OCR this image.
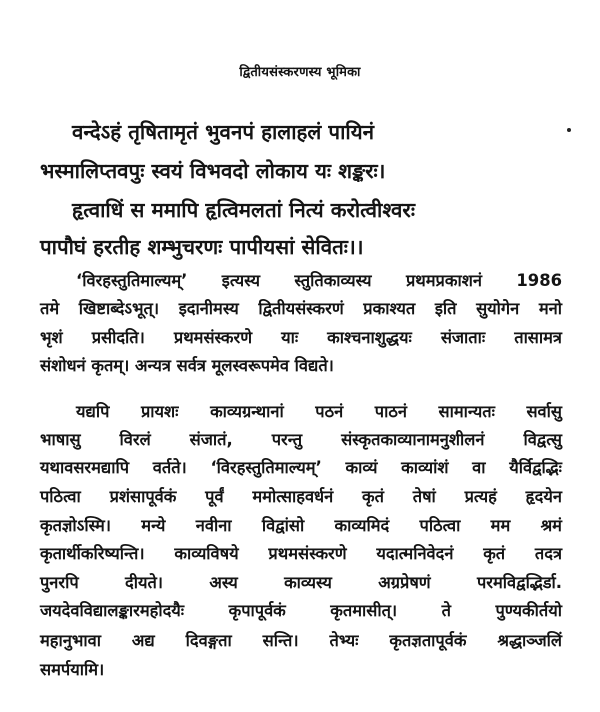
द्वितीयसंस्करणस्य भूमिका
वन्देऽहं तृषितामृतं भुवनपं हालाहलं पायिनं
भस्मालिप्तवपुः स्वयं विभवदो लोकाय यः शङ्करः।
हृत्वाधिं स ममापि हृत्विमलतां नित्यं करोत्वीश्वरः
पापौघं हरतीह शम्भुचरणः पापीयसां सेवितः।।
‘विरहस्तुतिमाल्यम्’ इत्यस्य स्तुतिकाव्यस्य प्रथमप्रकाशनं 1986
तमे खिष्टाब्देऽभूत्। इदानीमस्य द्वितीयसंस्करणं प्रकाश्यत इति सुयोगेन मनो
भृशं प्रसीदति। प्रथमसंस्करणे याः काश्चनाशुद्धयः संजाताः तासामत्र
संशोधनं कृतम्। अन्यत्र सर्वत्र मूलस्वरूपमेव विद्यते।
यद्यपि प्रायशः काव्यग्रन्थानां पठनं पाठनं सामान्यतः सर्वासु
भाषासु विरलं संजातं, परन्तु संस्कृतकाव्यानामनुशीलनं विद्वत्सु
यथावसरमद्यापि वर्तते। ‘विरहस्तुतिमाल्यम्’ काव्यं काव्यांशं वा यैर्विद्वद्भिः
पठित्वा प्रशंसापूर्वकं पूर्वं ममोत्साहवर्धनं कृतं तेषां प्रत्यहं हृदयेन
कृतज्ञोऽस्मि। मन्ये नवीना विद्वांसो काव्यमिदं पठित्वा मम श्रमं
कृतार्थीकरिष्यन्ति। काव्यविषये प्रथमसंस्करणे यदात्मनिवेदनं कृतं तदत्र
पुनरपि दीयते। अस्य काव्यस्य अग्रप्रेषणं परमविद्वद्भिर्डा.
जयदेवविद्यालङ्कारमहोदयैः कृपापूर्वकं कृतमासीत्। ते पुण्यकीर्तयो
महानुभावा अद्य दिवङ्गता सन्ति। तेभ्यः कृतज्ञतापूर्वकं श्रद्धाञ्जलिं
समर्पयामि।
